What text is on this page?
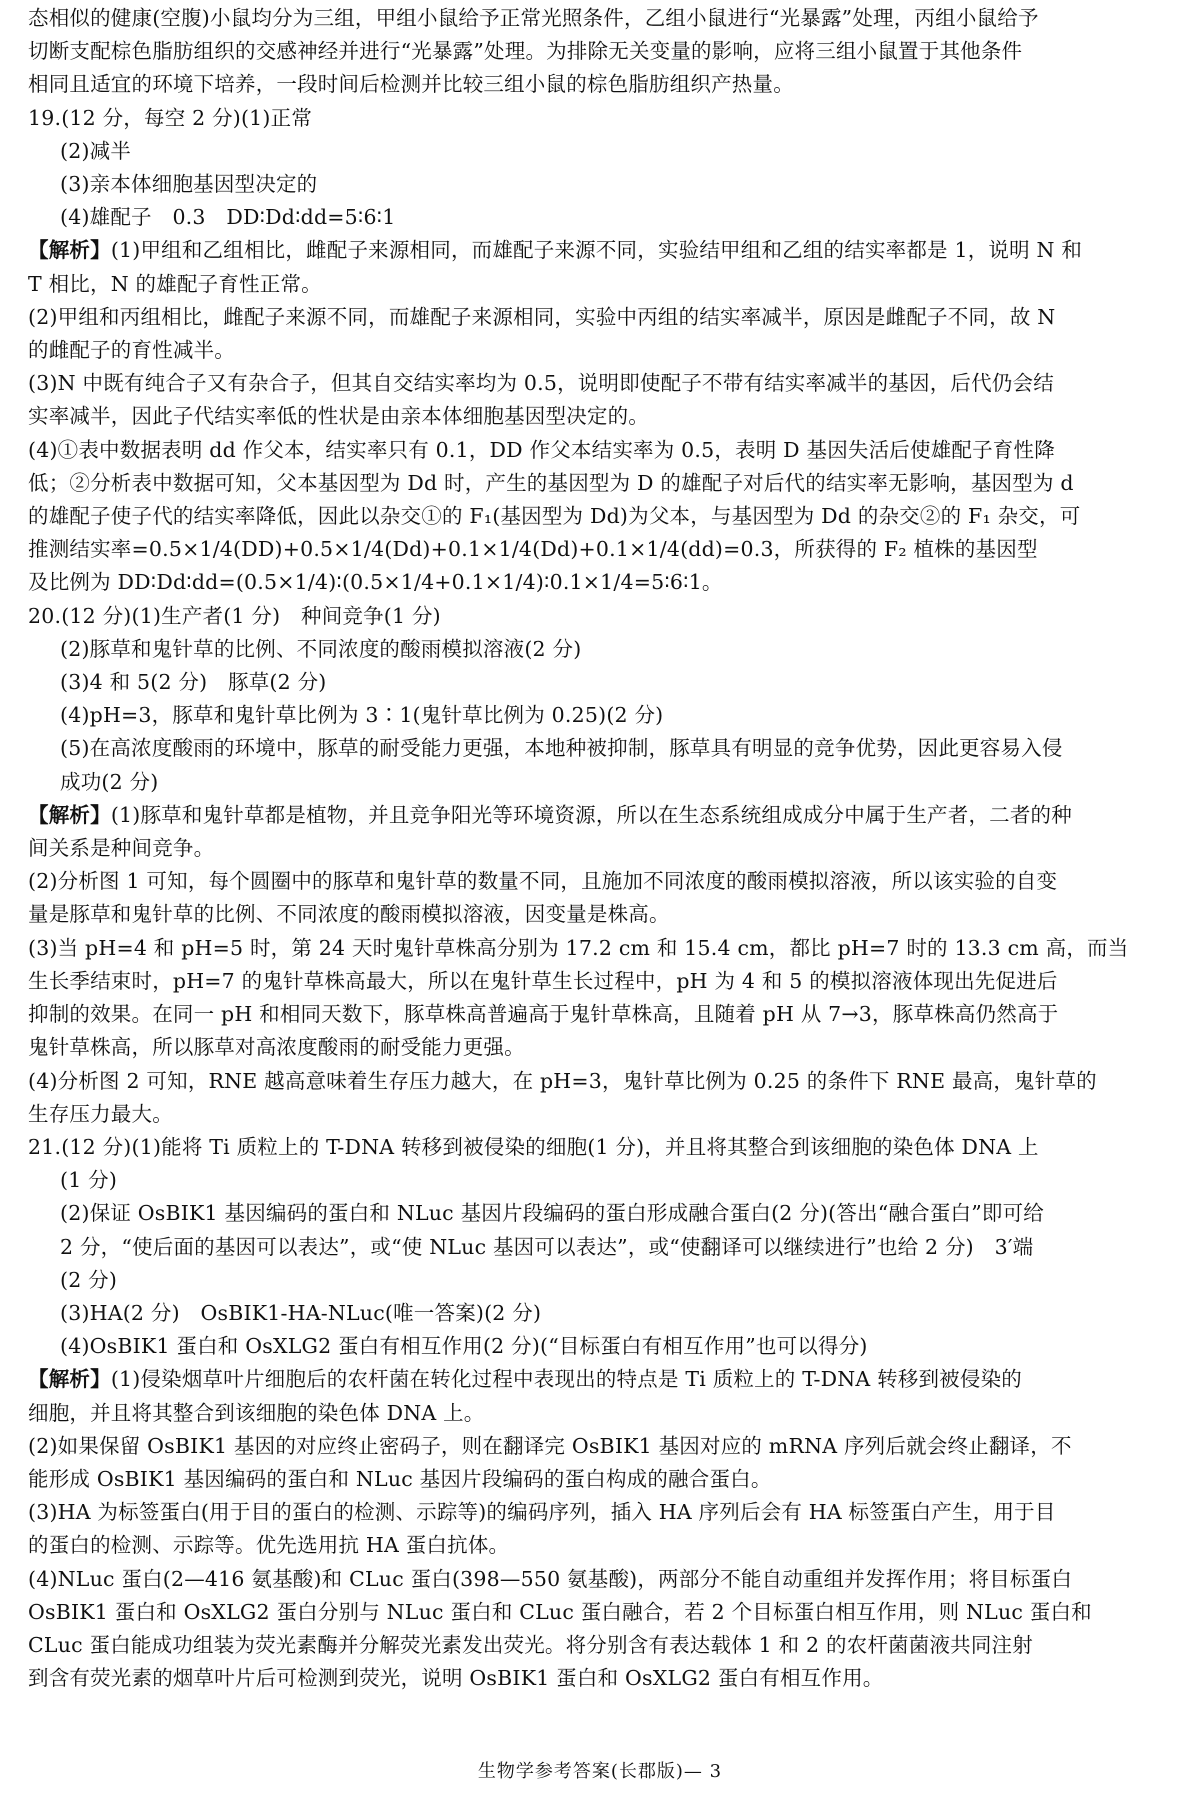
态相似的健康(空腹)小鼠均分为三组，甲组小鼠给予正常光照条件，乙组小鼠进行“光暴露”处理，丙组小鼠给予
切断支配棕色脂肪组织的交感神经并进行“光暴露”处理。为排除无关变量的影响，应将三组小鼠置于其他条件
相同且适宜的环境下培养，一段时间后检测并比较三组小鼠的棕色脂肪组织产热量。
19.(12 分，每空 2 分)(1)正常
(2)减半
(3)亲本体细胞基因型决定的
(4)雄配子　0.3　DD∶Dd∶dd=5∶6∶1
【解析】(1)甲组和乙组相比，雌配子来源相同，而雄配子来源不同，实验结甲组和乙组的结实率都是 1，说明 N 和
T 相比，N 的雄配子育性正常。
(2)甲组和丙组相比，雌配子来源不同，而雄配子来源相同，实验中丙组的结实率减半，原因是雌配子不同，故 N
的雌配子的育性减半。
(3)N 中既有纯合子又有杂合子，但其自交结实率均为 0.5，说明即使配子不带有结实率减半的基因，后代仍会结
实率减半，因此子代结实率低的性状是由亲本体细胞基因型决定的。
(4)①表中数据表明 dd 作父本，结实率只有 0.1，DD 作父本结实率为 0.5，表明 D 基因失活后使雄配子育性降
低；②分析表中数据可知，父本基因型为 Dd 时，产生的基因型为 D 的雄配子对后代的结实率无影响，基因型为 d
的雄配子使子代的结实率降低，因此以杂交①的 F₁(基因型为 Dd)为父本，与基因型为 Dd 的杂交②的 F₁ 杂交，可
推测结实率=0.5×1/4(DD)+0.5×1/4(Dd)+0.1×1/4(Dd)+0.1×1/4(dd)=0.3，所获得的 F₂ 植株的基因型
及比例为 DD∶Dd∶dd=(0.5×1/4)∶(0.5×1/4+0.1×1/4)∶0.1×1/4=5∶6∶1。
20.(12 分)(1)生产者(1 分)　种间竞争(1 分)
(2)豚草和鬼针草的比例、不同浓度的酸雨模拟溶液(2 分)
(3)4 和 5(2 分)　豚草(2 分)
(4)pH=3，豚草和鬼针草比例为 3∶1(鬼针草比例为 0.25)(2 分)
(5)在高浓度酸雨的环境中，豚草的耐受能力更强，本地种被抑制，豚草具有明显的竞争优势，因此更容易入侵
成功(2 分)
【解析】(1)豚草和鬼针草都是植物，并且竞争阳光等环境资源，所以在生态系统组成成分中属于生产者，二者的种
间关系是种间竞争。
(2)分析图 1 可知，每个圆圈中的豚草和鬼针草的数量不同，且施加不同浓度的酸雨模拟溶液，所以该实验的自变
量是豚草和鬼针草的比例、不同浓度的酸雨模拟溶液，因变量是株高。
(3)当 pH=4 和 pH=5 时，第 24 天时鬼针草株高分别为 17.2 cm 和 15.4 cm，都比 pH=7 时的 13.3 cm 高，而当
生长季结束时，pH=7 的鬼针草株高最大，所以在鬼针草生长过程中，pH 为 4 和 5 的模拟溶液体现出先促进后
抑制的效果。在同一 pH 和相同天数下，豚草株高普遍高于鬼针草株高，且随着 pH 从 7→3，豚草株高仍然高于
鬼针草株高，所以豚草对高浓度酸雨的耐受能力更强。
(4)分析图 2 可知，RNE 越高意味着生存压力越大，在 pH=3，鬼针草比例为 0.25 的条件下 RNE 最高，鬼针草的
生存压力最大。
21.(12 分)(1)能将 Ti 质粒上的 T-DNA 转移到被侵染的细胞(1 分)，并且将其整合到该细胞的染色体 DNA 上
(1 分)
(2)保证 OsBIK1 基因编码的蛋白和 NLuc 基因片段编码的蛋白形成融合蛋白(2 分)(答出“融合蛋白”即可给
2 分，“使后面的基因可以表达”，或“使 NLuc 基因可以表达”，或“使翻译可以继续进行”也给 2 分)　3′端
(2 分)
(3)HA(2 分)　OsBIK1-HA-NLuc(唯一答案)(2 分)
(4)OsBIK1 蛋白和 OsXLG2 蛋白有相互作用(2 分)(“目标蛋白有相互作用”也可以得分)
【解析】(1)侵染烟草叶片细胞后的农杆菌在转化过程中表现出的特点是 Ti 质粒上的 T-DNA 转移到被侵染的
细胞，并且将其整合到该细胞的染色体 DNA 上。
(2)如果保留 OsBIK1 基因的对应终止密码子，则在翻译完 OsBIK1 基因对应的 mRNA 序列后就会终止翻译，不
能形成 OsBIK1 基因编码的蛋白和 NLuc 基因片段编码的蛋白构成的融合蛋白。
(3)HA 为标签蛋白(用于目的蛋白的检测、示踪等)的编码序列，插入 HA 序列后会有 HA 标签蛋白产生，用于目
的蛋白的检测、示踪等。优先选用抗 HA 蛋白抗体。
(4)NLuc 蛋白(2—416 氨基酸)和 CLuc 蛋白(398—550 氨基酸)，两部分不能自动重组并发挥作用；将目标蛋白
OsBIK1 蛋白和 OsXLG2 蛋白分别与 NLuc 蛋白和 CLuc 蛋白融合，若 2 个目标蛋白相互作用，则 NLuc 蛋白和
CLuc 蛋白能成功组装为荧光素酶并分解荧光素发出荧光。将分别含有表达载体 1 和 2 的农杆菌菌液共同注射
到含有荧光素的烟草叶片后可检测到荧光，说明 OsBIK1 蛋白和 OsXLG2 蛋白有相互作用。
生物学参考答案(长郡版)— 3
